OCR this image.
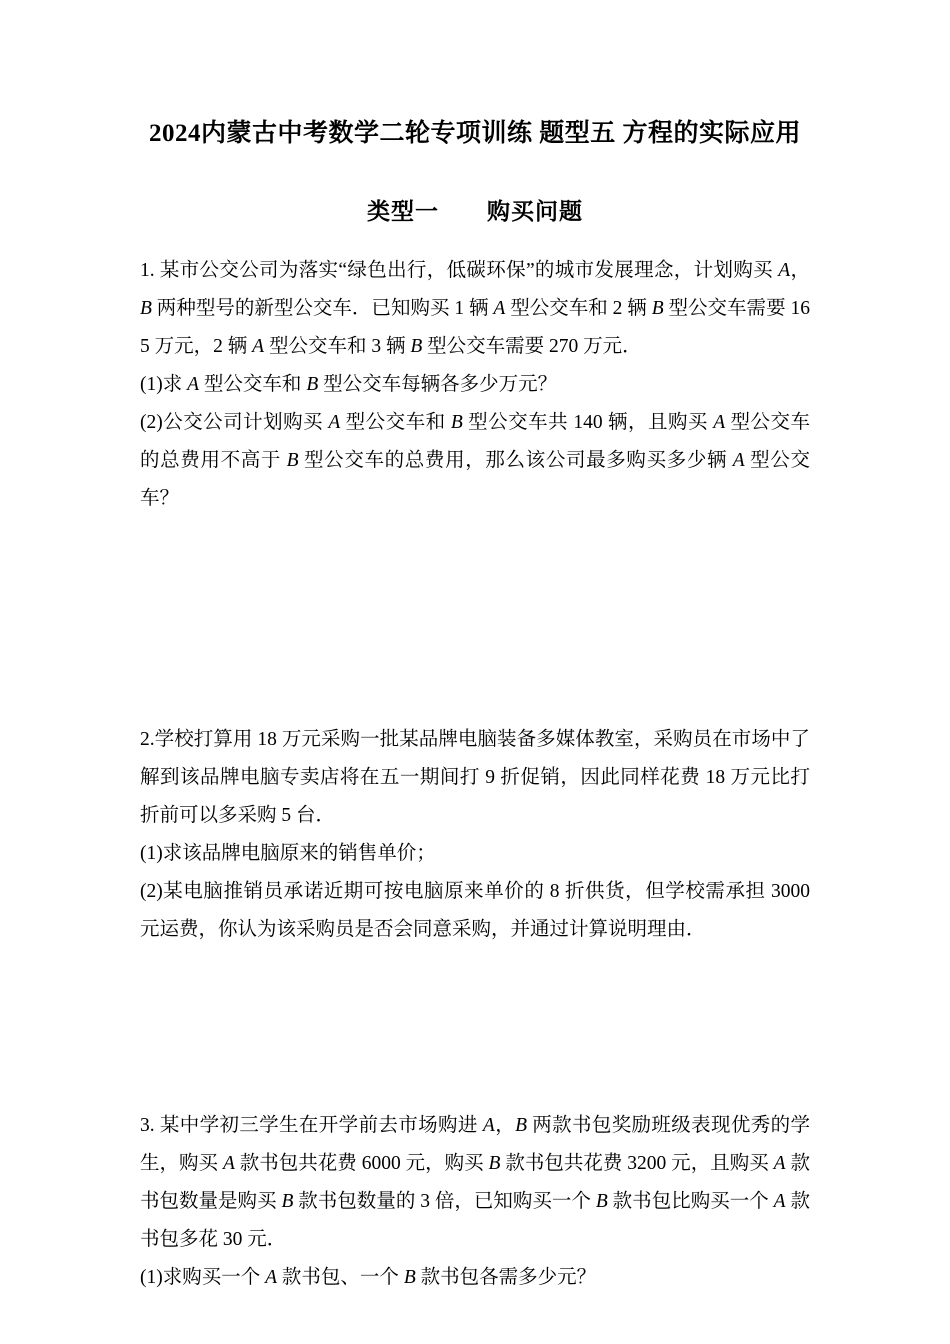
2024内蒙古中考数学二轮专项训练 题型五 方程的实际应用
类型一　　购买问题

1. 某市公交公司为落实“绿色出行，低碳环保”的城市发展理念，计划购买 A，B 两种型号的新型公交车．已知购买 1 辆 A 型公交车和 2 辆 B 型公交车需要 165 万元，2 辆 A 型公交车和 3 辆 B 型公交车需要 270 万元．

(1)求 A 型公交车和 B 型公交车每辆各多少万元？

(2)公交公司计划购买 A 型公交车和 B 型公交车共 140 辆，且购买 A 型公交车的总费用不高于 B 型公交车的总费用，那么该公司最多购买多少辆 A 型公交车？

2.学校打算用 18 万元采购一批某品牌电脑装备多媒体教室，采购员在市场中了解到该品牌电脑专卖店将在五一期间打 9 折促销，因此同样花费 18 万元比打折前可以多采购 5 台．

(1)求该品牌电脑原来的销售单价；

(2)某电脑推销员承诺近期可按电脑原来单价的 8 折供货，但学校需承担 3000 元运费，你认为该采购员是否会同意采购，并通过计算说明理由．

3. 某中学初三学生在开学前去市场购进 A，B 两款书包奖励班级表现优秀的学生，购买 A 款书包共花费 6000 元，购买 B 款书包共花费 3200 元，且购买 A 款书包数量是购买 B 款书包数量的 3 倍，已知购买一个 B 款书包比购买一个 A 款书包多花 30 元．

(1)求购买一个 A 款书包、一个 B 款书包各需多少元？
